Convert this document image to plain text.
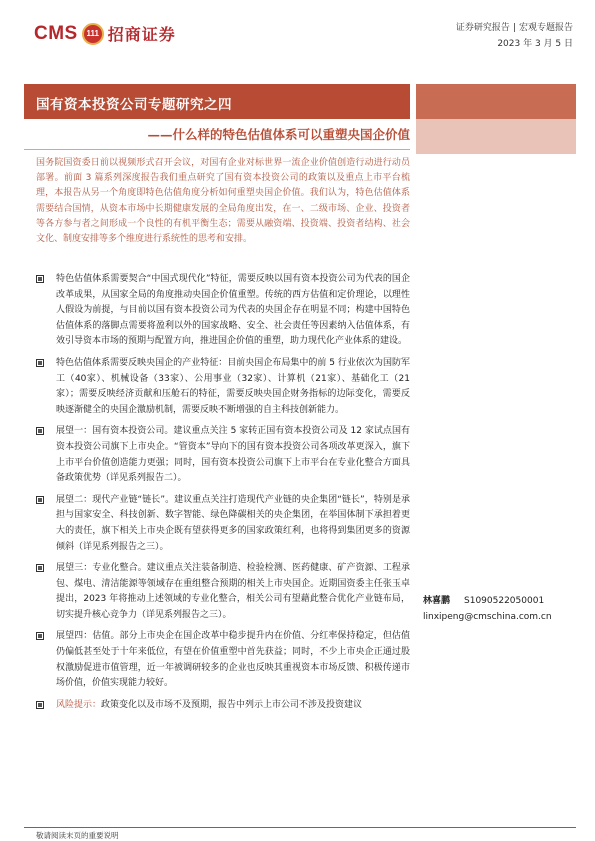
CMS	111 招商证券	证券研究报告 | 宏观专题报告
2023 年 3 月 5 日
国有资本投资公司专题研究之四
——什么样的特色估值体系可以重塑央国企价值
国务院国资委日前以视频形式召开会议，对国有企业对标世界一流企业价值创造行动进行动员部署。前面 3 篇系列深度报告我们重点研究了国有资本投资公司的政策以及重点上市平台梳理，本报告从另一个角度即特色估值角度分析如何重塑央国企价值。我们认为，特色估值体系需要结合国情，从资本市场中长期健康发展的全局角度出发，在一、二级市场、企业、投资者等各方参与者之间形成一个良性的有机平衡生态；需要从融资端、投资端、投资者结构、社会文化、制度安排等多个维度进行系统性的思考和安排。
特色估值体系需要契合“中国式现代化”特征，需要反映以国有资本投资公司为代表的国企改革成果，从国家全局的角度推动央国企价值重塑。传统的西方估值和定价理论，以理性人假设为前提，与目前以国有资本投资公司为代表的央国企存在明显不同；构建中国特色估值体系的落脚点需要将盈利以外的国家战略、安全、社会责任等因素纳入估值体系，有效引导资本市场的预期与配置方向，推进国企价值的重塑，助力现代化产业体系的建设。
特色估值体系需要反映央国企的产业特征：目前央国企布局集中的前 5 行业依次为国防军工（40家）、机械设备（33家）、公用事业（32家）、计算机（21家）、基础化工（21家）；需要反映经济贡献和压舱石的特征，需要反映央国企财务指标的边际变化，需要反映逐渐健全的央国企激励机制，需要反映不断增强的自主科技创新能力。
展望一：国有资本投资公司。建议重点关注 5 家转正国有资本投资公司及 12 家试点国有资本投资公司旗下上市央企。“管资本”导向下的国有资本投资公司各项改革更深入，旗下上市平台价值创造能力更强；同时，国有资本投资公司旗下上市平台在专业化整合方面具备政策优势（详见系列报告二）。
展望二：现代产业链“链长”。建议重点关注打造现代产业链的央企集团“链长”，特别是承担与国家安全、科技创新、数字智能、绿色降碳相关的央企集团，在举国体制下承担着更大的责任，旗下相关上市央企既有望获得更多的国家政策红利，也将得到集团更多的资源倾斜（详见系列报告之三）。
展望三：专业化整合。建议重点关注装备制造、检验检测、医药健康、矿产资源、工程承包、煤电、清洁能源等领域存在重组整合预期的相关上市央国企。近期国资委主任张玉卓提出，2023 年将推动上述领域的专业化整合，相关公司有望藉此整合优化产业链布局，切实提升核心竞争力（详见系列报告之三）。
展望四：估值。部分上市央企在国企改革中稳步提升内在价值、分红率保持稳定，但估值仍偏低甚至处于十年来低位，有望在价值重塑中首先获益；同时，不少上市央企正通过股权激励促进市值管理，近一年被调研较多的企业也反映其重视资本市场反馈、积极传递市场价值，价值实现能力较好。
风险提示：政策变化以及市场不及预期，报告中列示上市公司不涉及投资建议
林喜鹏 S1090522050001
linxipeng@cmschina.com.cn
敬请阅读末页的重要说明
